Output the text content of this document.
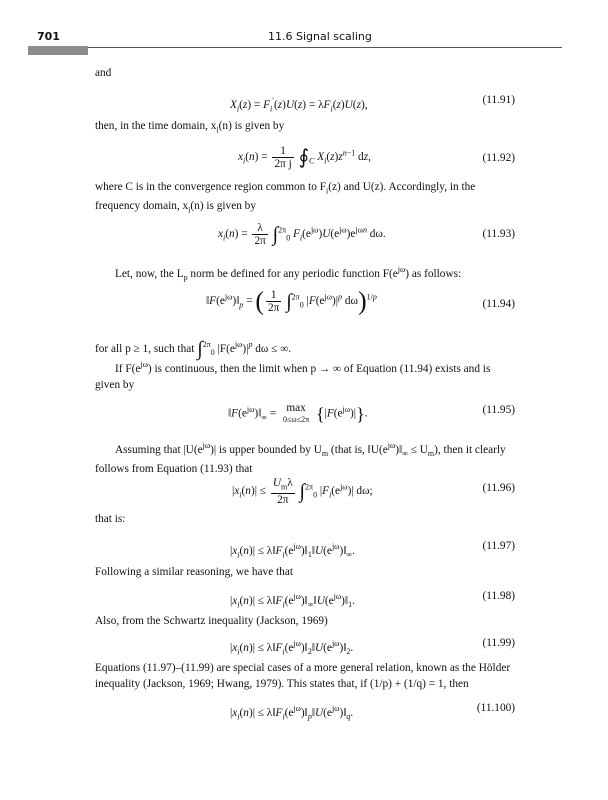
701	11.6 Signal scaling
and
$X_i(z) = F_i'(z)U(z) = \lambda F_i(z)U(z)$,	(11.91)
then, in the time domain, $x_i(n)$ is given by
$x_i(n) = \frac{1}{\text{2π j}}$ $∮_C$ $X_i(z)z^{n-1}$ dz,	(11.92)
where C is in the convergence region common to $F_i(z)$ and U(z). Accordingly, in the frequency domain, $x_i(n)$ is given by
$x_i(n) = \frac{\lambda}{2\pi} \int^{2\pi}_0$ $F_i(e^{j\omega})U(e^{j\omega})e^{j\omega n}$ dω.	(11.93)
Let, now, the $L_p$ norm be defined for any periodic function $F(e^{j\omega})$ as follows:
$‖F(e^{j\omega})‖_p$ = ( $\frac{1}{2\pi} \int^{2\pi}_0$ $|F(e^{j\omega})|^p$ dω)$^{1/p}$
(11.94)
for all p ≥ 1, such that ∫$^{2\pi}_0$ $|F(e^{j\omega})|^p$ dω ≤ ∞.
If $F(e^{j\omega})$ is continuous, then the limit when p → ∞ of Equation (11.94) exists and is given by
$‖F(e^{j\omega})‖_\infty = \max$
0≤ω≤2π $\{|F(e^{j\omega})|\}$.	(11.95)
Assuming that $|U(e^{j\omega})|$ is upper bounded by $U_m$ (that is, $‖U(e^{j\omega})‖_\infty \le U_m$), then it clearly follows from Equation (11.93) that
$|x_i(n)| \le \frac{U_m\lambda}{2\pi} \int^{2\pi}_0$ $|F_i(e^{j\omega})|$ dω;	(11.96)
that is:
$|x_i(n)|$ ≤ $\lambda‖F_i(e^{j\omega})‖_1‖U(e^{j\omega})‖_\infty$.	(11.97)
Following a similar reasoning, we have that
$|x_i(n)|$ ≤ $\lambda‖F_i(e^{j\omega})‖_\infty‖U(e^{j\omega})‖_1$.	(11.98)
Also, from the Schwartz inequality (Jackson, 1969)
$|x_i(n)|$ ≤ $\lambda‖F_i(e^{j\omega})‖_2‖U(e^{j\omega})‖_2$.	(11.99)
Equations (11.97)–(11.99) are special cases of a more general relation, known as the Hölder inequality (Jackson, 1969; Hwang, 1979). This states that, if (1/p) + (1/q) = 1, then
$|x_i(n)|$ ≤ $\lambda‖F_i(e^{j\omega})‖_p‖U(e^{j\omega})‖_q$.	(11.100)
